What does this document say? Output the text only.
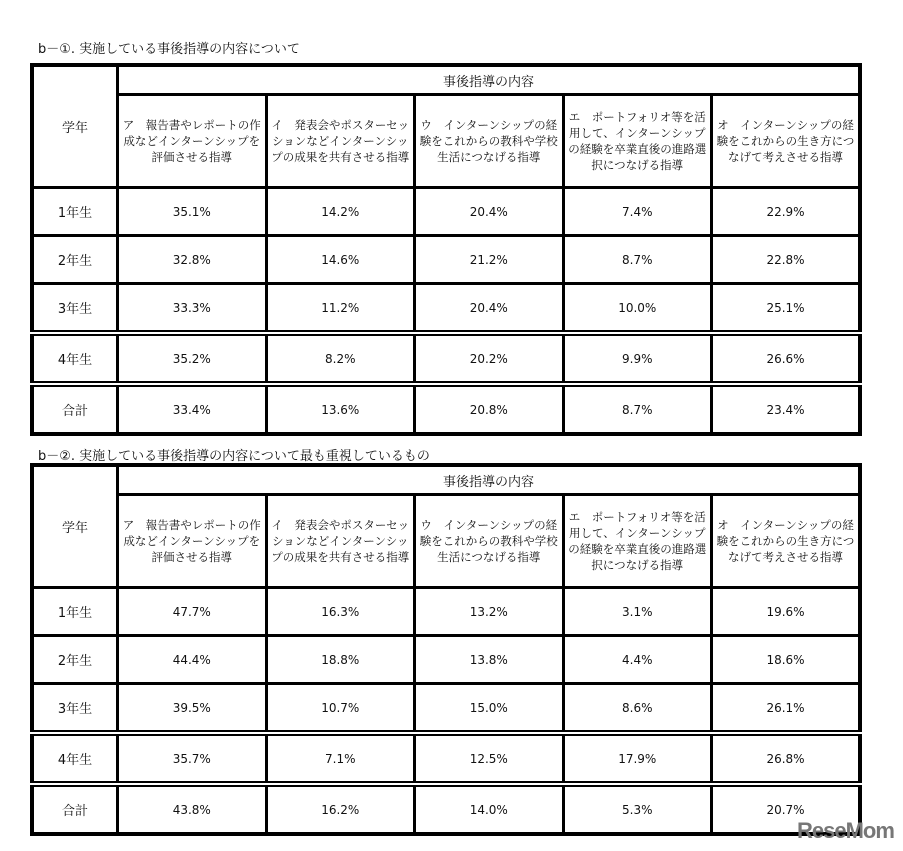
b－①. 実施している事後指導の内容について
学年	事後指導の内容				
	ア　報告書やレポートの作成などインターンシップを評価させる指導	イ　発表会やポスターセッションなどインターンシップの成果を共有させる指導	ウ　インターンシップの経験をこれからの教科や学校生活につなげる指導	エ　ポートフォリオ等を活用して、インターンシップの経験を卒業直後の進路選択につなげる指導	オ　インターンシップの経験をこれからの生き方につなげて考えさせる指導
1年生	35.1%	14.2%	20.4%	7.4%	22.9%
2年生	32.8%	14.6%	21.2%	8.7%	22.8%
3年生	33.3%	11.2%	20.4%	10.0%	25.1%
4年生	35.2%	8.2%	20.2%	9.9%	26.6%
合計	33.4%	13.6%	20.8%	8.7%	23.4%
b－②. 実施している事後指導の内容について最も重視しているもの
学年	事後指導の内容				
	ア　報告書やレポートの作成などインターンシップを評価させる指導	イ　発表会やポスターセッションなどインターンシップの成果を共有させる指導	ウ　インターンシップの経験をこれからの教科や学校生活につなげる指導	エ　ポートフォリオ等を活用して、インターンシップの経験を卒業直後の進路選択につなげる指導	オ　インターンシップの経験をこれからの生き方につなげて考えさせる指導
1年生	47.7%	16.3%	13.2%	3.1%	19.6%
2年生	44.4%	18.8%	13.8%	4.4%	18.6%
3年生	39.5%	10.7%	15.0%	8.6%	26.1%
4年生	35.7%	7.1%	12.5%	17.9%	26.8%
合計	43.8%	16.2%	14.0%	5.3%	20.7%
ReseMom
